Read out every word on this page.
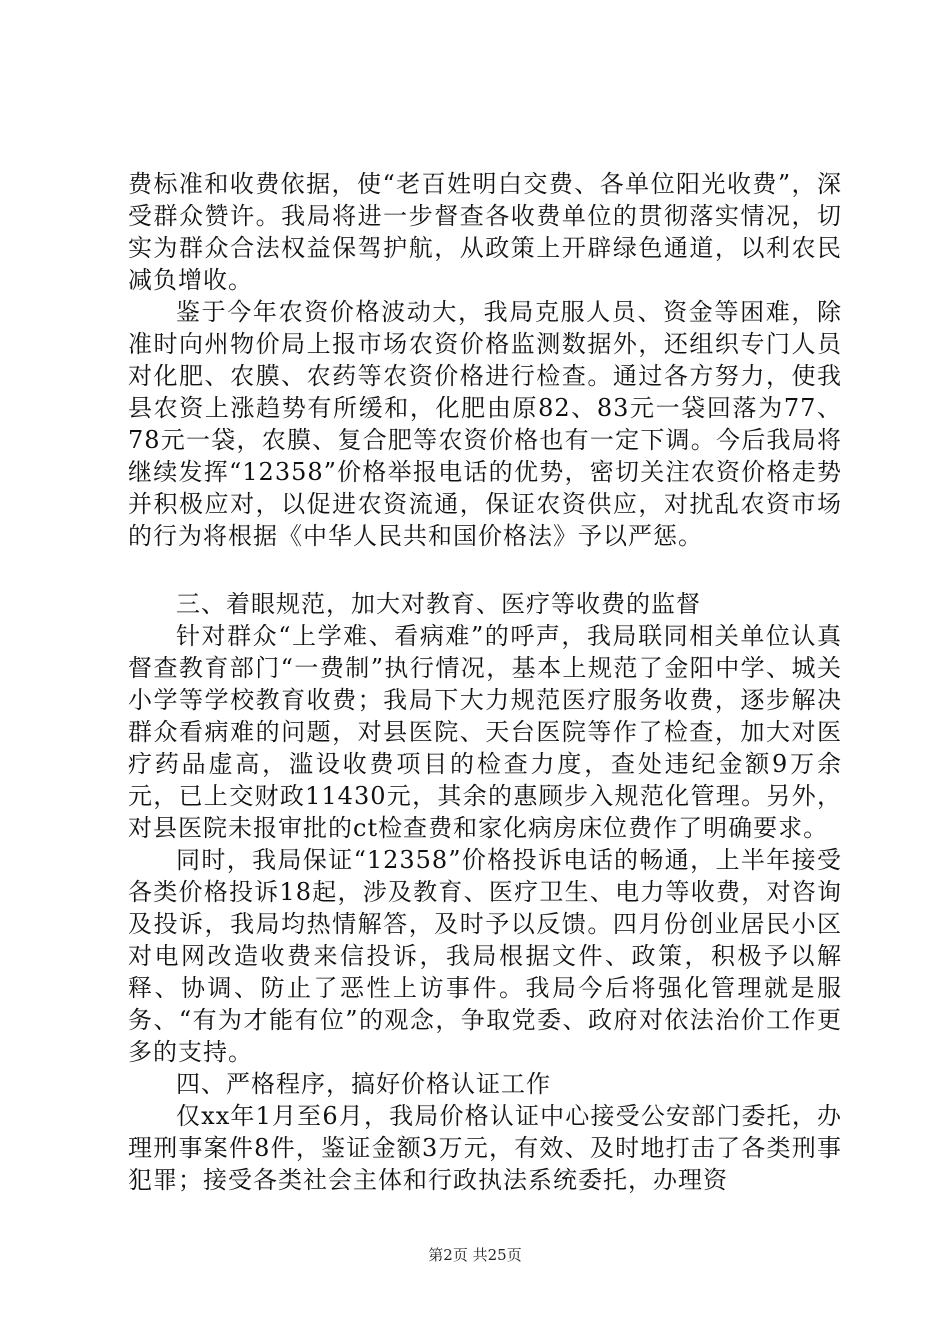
费标准和收费依据，使“老百姓明白交费、各单位阳光收费”，深受群众赞许。我局将进一步督查各收费单位的贯彻落实情况，切实为群众合法权益保驾护航，从政策上开辟绿色通道，以利农民减负增收。

鉴于今年农资价格波动大，我局克服人员、资金等困难，除准时向州物价局上报市场农资价格监测数据外，还组织专门人员对化肥、农膜、农药等农资价格进行检查。通过各方努力，使我县农资上涨趋势有所缓和，化肥由原82、83元一袋回落为77、78元一袋，农膜、复合肥等农资价格也有一定下调。今后我局将继续发挥“12358”价格举报电话的优势，密切关注农资价格走势并积极应对，以促进农资流通，保证农资供应，对扰乱农资市场的行为将根据《中华人民共和国价格法》予以严惩。

三、着眼规范，加大对教育、医疗等收费的监督

针对群众“上学难、看病难”的呼声，我局联同相关单位认真督查教育部门“一费制”执行情况，基本上规范了金阳中学、城关小学等学校教育收费；我局下大力规范医疗服务收费，逐步解决群众看病难的问题，对县医院、天台医院等作了检查，加大对医疗药品虚高，滥设收费项目的检查力度，查处违纪金额9万余元，已上交财政11430元，其余的惠顾步入规范化管理。另外，对县医院未报审批的ct检查费和家化病房床位费作了明确要求。

同时，我局保证“12358”价格投诉电话的畅通，上半年接受各类价格投诉18起，涉及教育、医疗卫生、电力等收费，对咨询及投诉，我局均热情解答，及时予以反馈。四月份创业居民小区对电网改造收费来信投诉，我局根据文件、政策，积极予以解释、协调、防止了恶性上访事件。我局今后将强化管理就是服务、“有为才能有位”的观念，争取党委、政府对依法治价工作更多的支持。

四、严格程序，搞好价格认证工作

仅xx年1月至6月，我局价格认证中心接受公安部门委托，办理刑事案件8件，鉴证金额3万元，有效、及时地打击了各类刑事犯罪；接受各类社会主体和行政执法系统委托，办理资

第2页 共25页
